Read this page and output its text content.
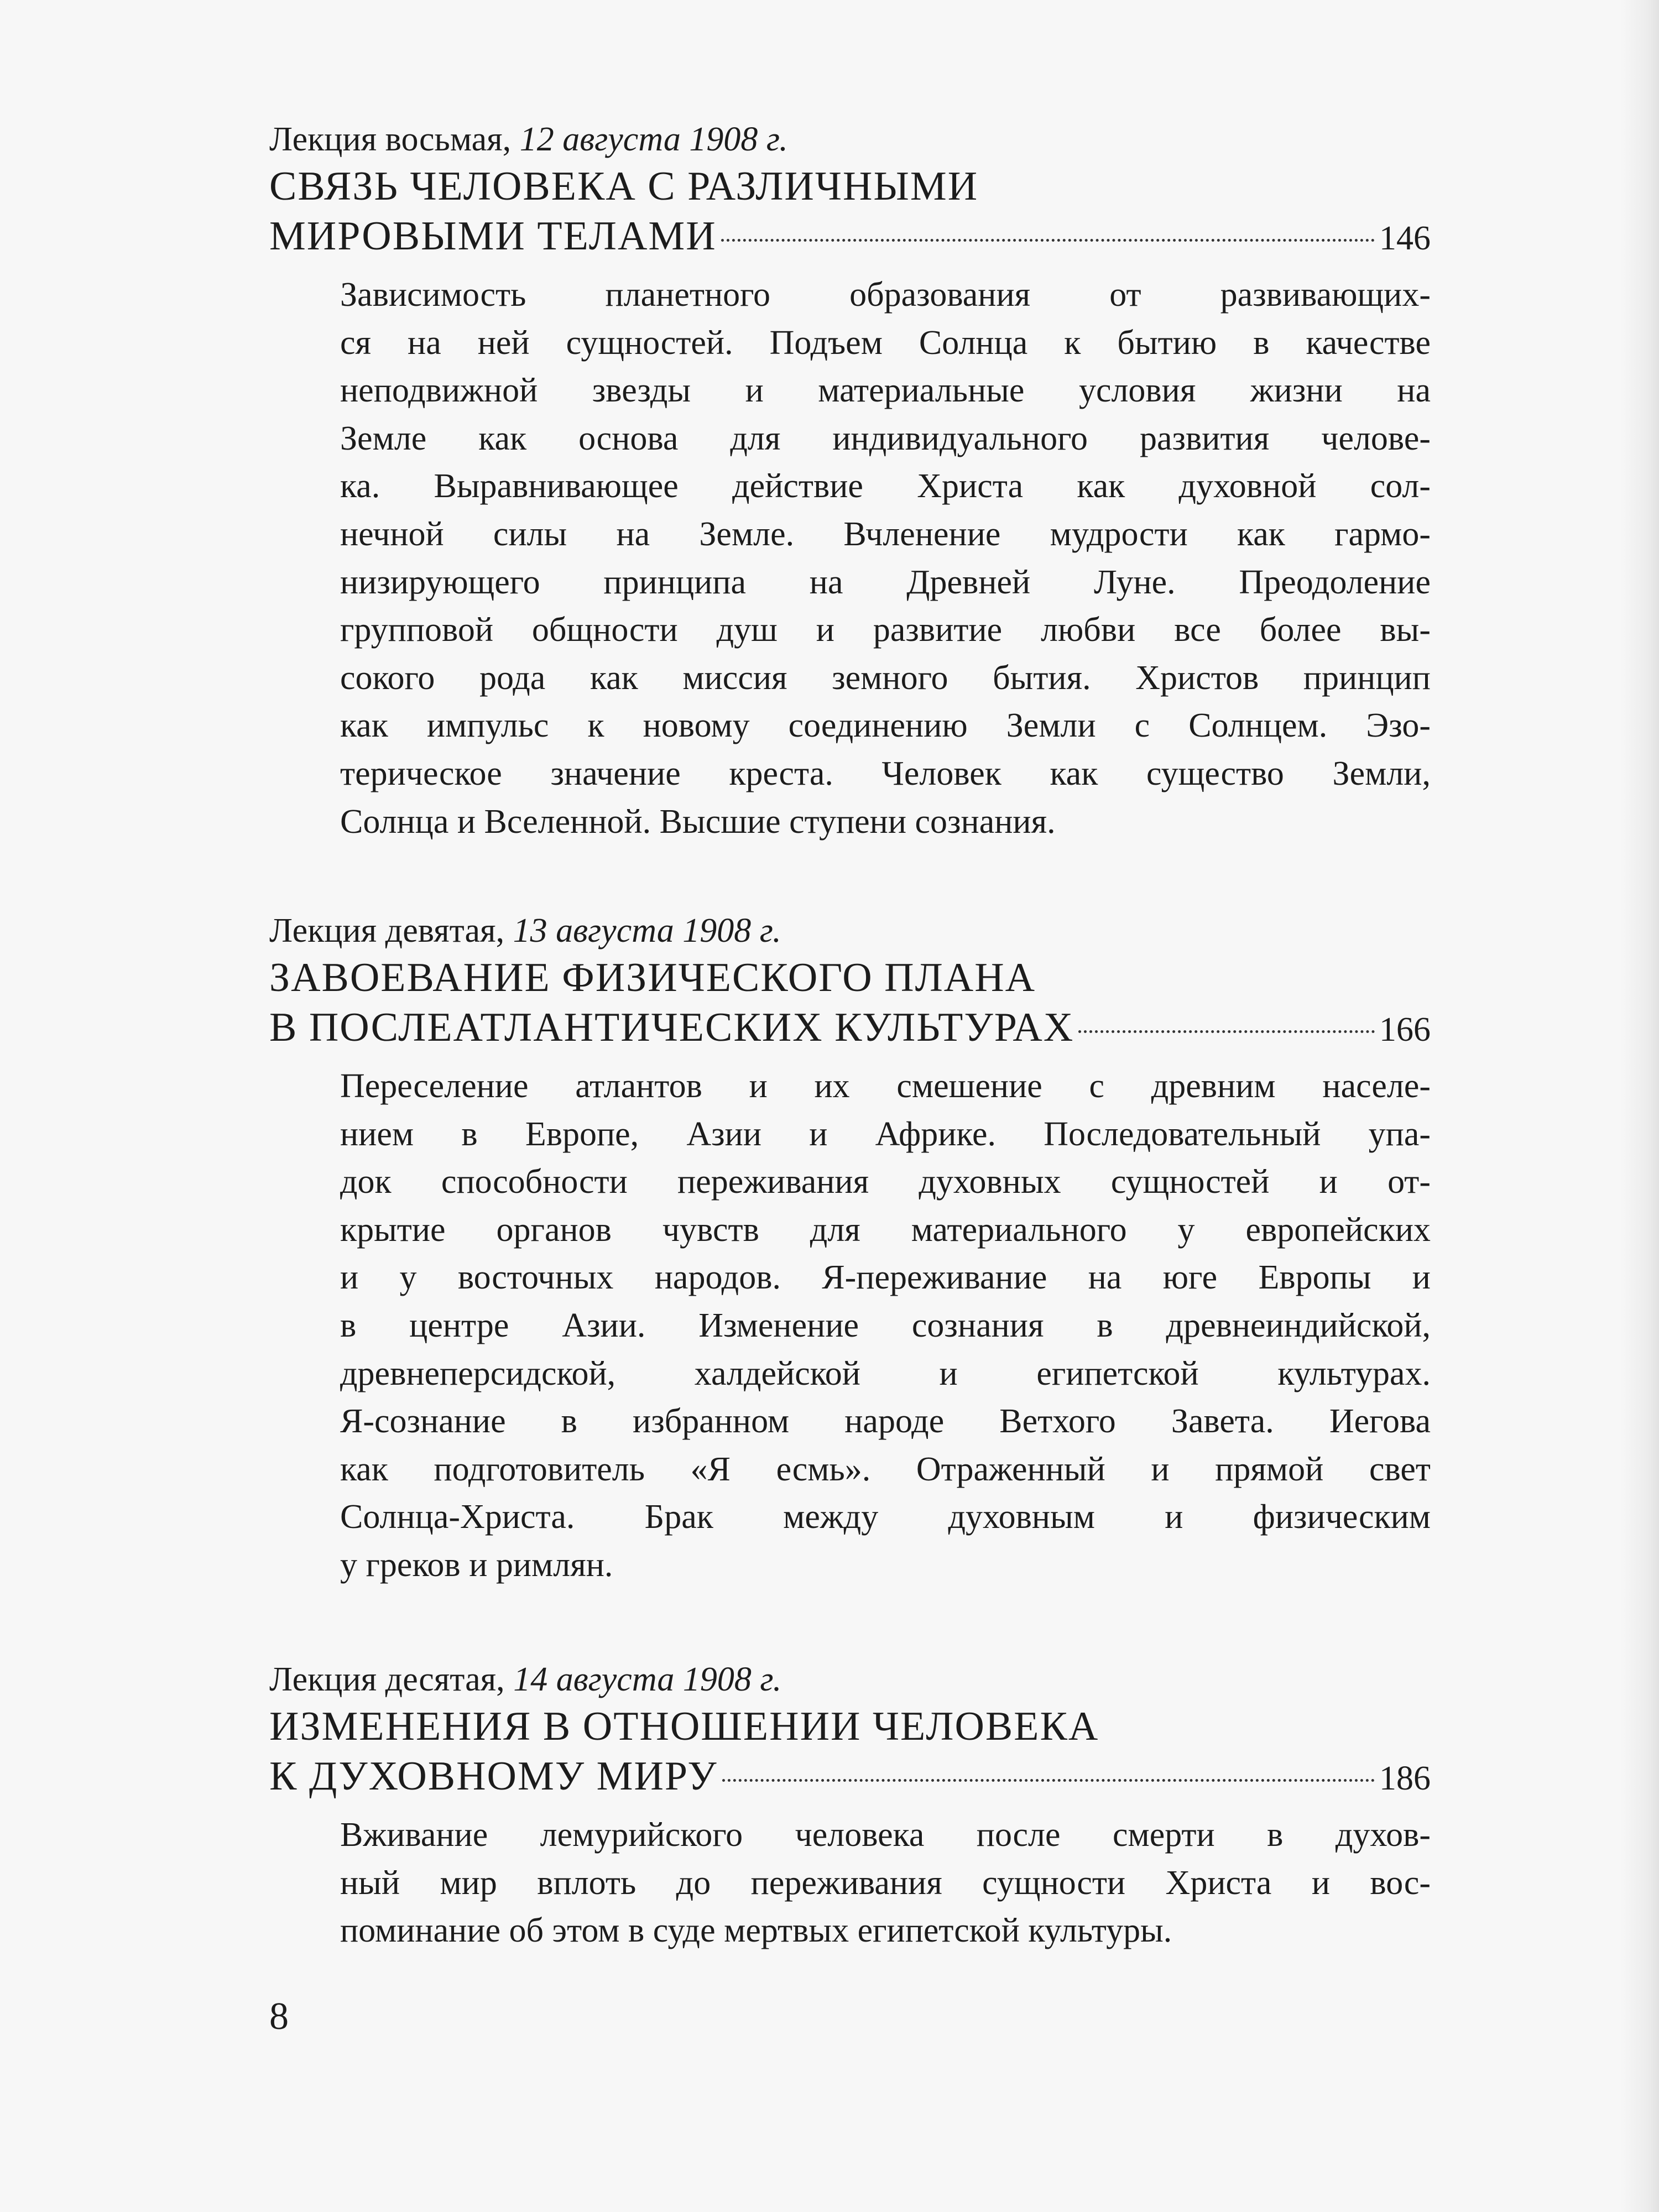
Лекция восьмая, 12 августа 1908 г.
СВЯЗЬ ЧЕЛОВЕКА С РАЗЛИЧНЫМИ
МИРОВЫМИ ТЕЛАМИ	146
Зависимость планетного образования от развивающих-
ся на ней сущностей. Подъем Солнца к бытию в качестве
неподвижной звезды и материальные условия жизни на
Земле как основа для индивидуального развития челове-
ка. Выравнивающее действие Христа как духовной сол-
нечной силы на Земле. Вчленение мудрости как гармо-
низирующего принципа на Древней Луне. Преодоление
групповой общности душ и развитие любви все более вы-
сокого рода как миссия земного бытия. Христов принцип
как импульс к новому соединению Земли с Солнцем. Эзо-
терическое значение креста. Человек как существо Земли,
Солнца и Вселенной. Высшие ступени сознания.
Лекция девятая, 13 августа 1908 г.
ЗАВОЕВАНИЕ ФИЗИЧЕСКОГО ПЛАНА
В ПОСЛЕАТЛАНТИЧЕСКИХ КУЛЬТУРАХ	166
Переселение атлантов и их смешение с древним населе-
нием в Европе, Азии и Африке. Последовательный упа-
док способности переживания духовных сущностей и от-
крытие органов чувств для материального у европейских
и у восточных народов. Я-переживание на юге Европы и
в центре Азии. Изменение сознания в древнеиндийской,
древнеперсидской, халдейской и египетской культурах.
Я-сознание в избранном народе Ветхого Завета. Иегова
как подготовитель «Я есмь». Отраженный и прямой свет
Солнца-Христа. Брак между духовным и физическим
у греков и римлян.
Лекция десятая, 14 августа 1908 г.
ИЗМЕНЕНИЯ В ОТНОШЕНИИ ЧЕЛОВЕКА
К ДУХОВНОМУ МИРУ	186
Вживание лемурийского человека после смерти в духов-
ный мир вплоть до переживания сущности Христа и вос-
поминание об этом в суде мертвых египетской культуры.
8
